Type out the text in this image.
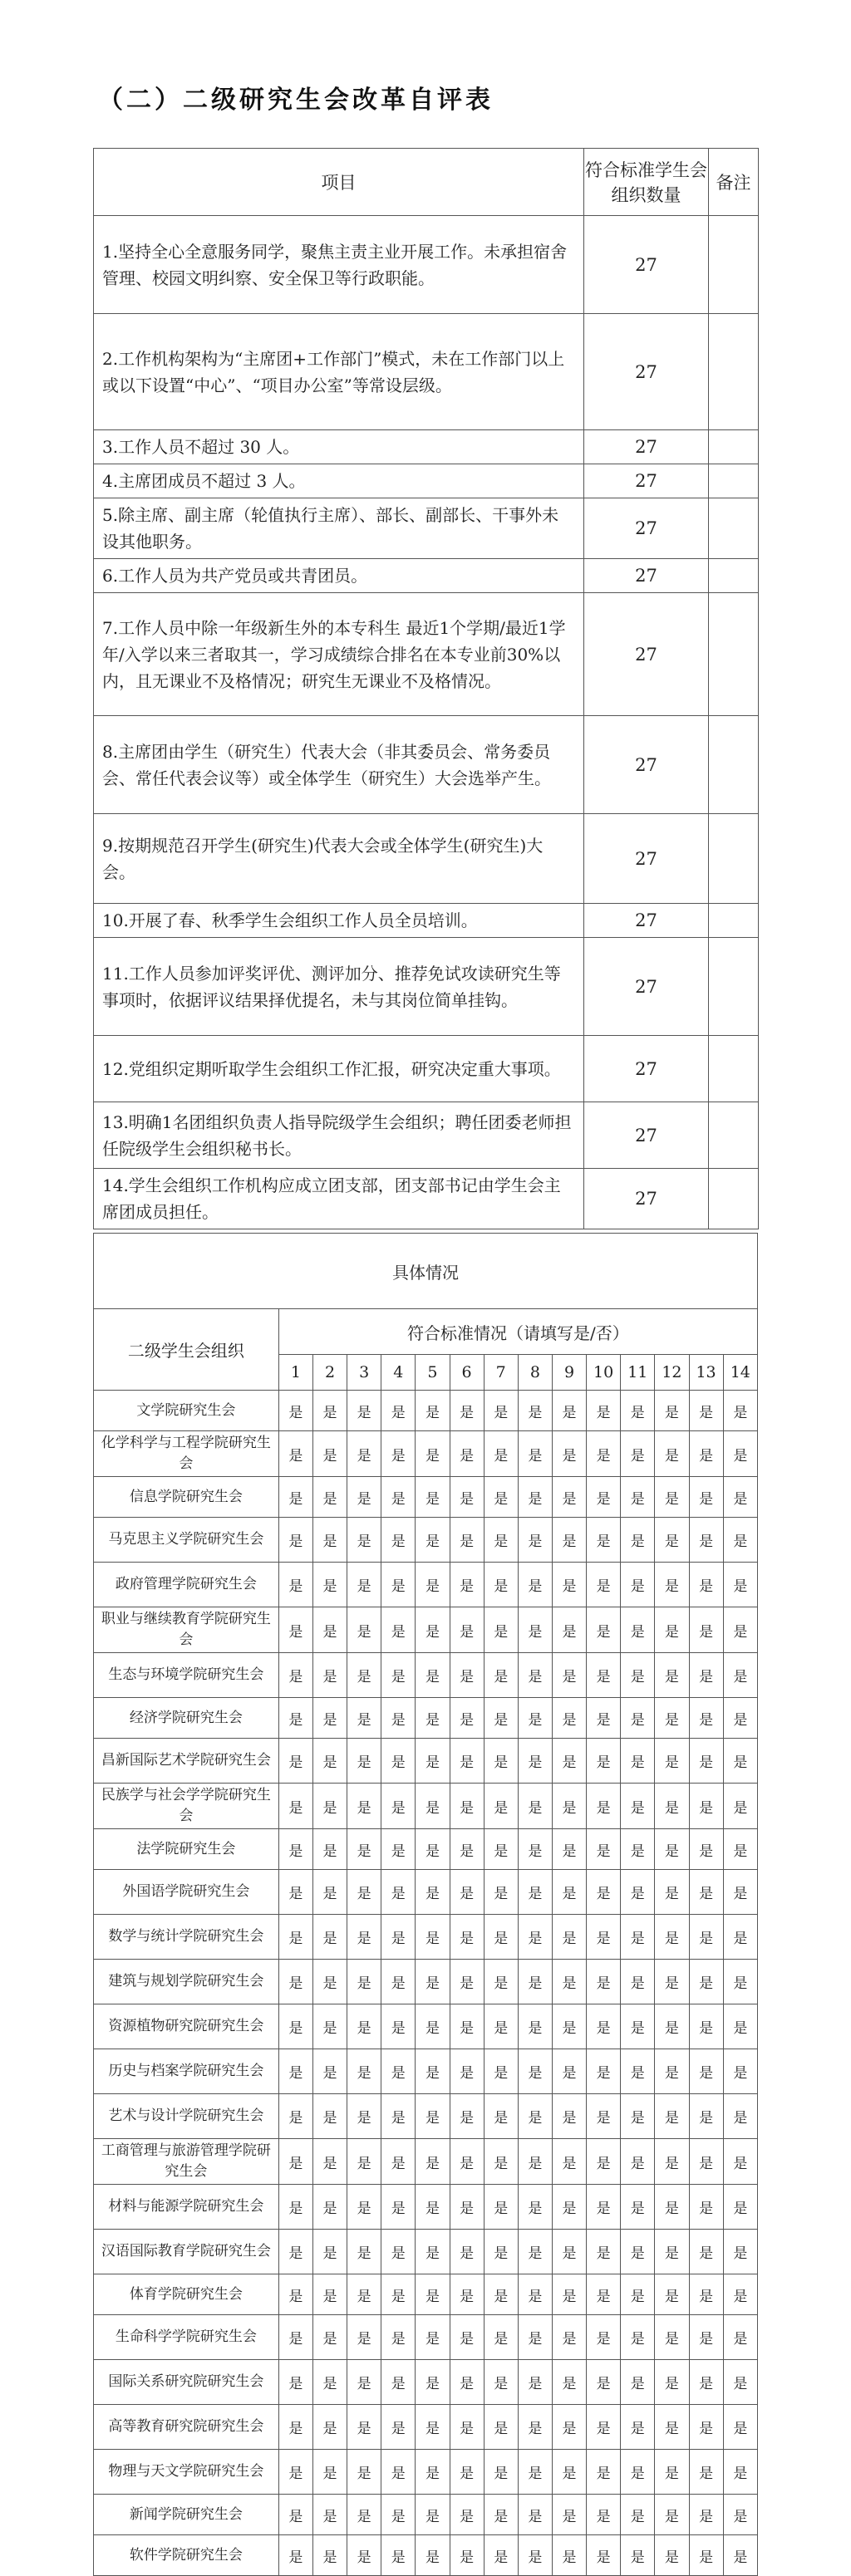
（二）二级研究生会改革自评表
项目	符合标准学生会组织数量	备注
1.坚持全心全意服务同学，聚焦主责主业开展工作。未承担宿舍管理、校园文明纠察、安全保卫等行政职能。	27	
2.工作机构架构为“主席团+工作部门”模式，未在工作部门以上或以下设置“中心”、“项目办公室”等常设层级。	27	
3.工作人员不超过 30 人。	27	
4.主席团成员不超过 3 人。	27	
5.除主席、副主席（轮值执行主席）、部长、副部长、干事外未设其他职务。	27	
6.工作人员为共产党员或共青团员。	27	
7.工作人员中除一年级新生外的本专科生 最近1个学期/最近1学年/入学以来三者取其一，学习成绩综合排名在本专业前30%以内，且无课业不及格情况；研究生无课业不及格情况。	27	
8.主席团由学生（研究生）代表大会（非其委员会、常务委员会、常任代表会议等）或全体学生（研究生）大会选举产生。	27	
9.按期规范召开学生(研究生)代表大会或全体学生(研究生)大会。	27	
10.开展了春、秋季学生会组织工作人员全员培训。	27	
11.工作人员参加评奖评优、测评加分、推荐免试攻读研究生等事项时，依据评议结果择优提名，未与其岗位简单挂钩。	27	
12.党组织定期听取学生会组织工作汇报，研究决定重大事项。	27	
13.明确1名团组织负责人指导院级学生会组织；聘任团委老师担任院级学生会组织秘书长。	27	
14.学生会组织工作机构应成立团支部，团支部书记由学生会主席团成员担任。	27	
具体情况														
二级学生会组织	符合标准情况（请填写是/否）													
	1	2	3	4	5	6	7	8	9	10	11	12	13	14
文学院研究生会	是	是	是	是	是	是	是	是	是	是	是	是	是	是
化学科学与工程学院研究生会	是	是	是	是	是	是	是	是	是	是	是	是	是	是
信息学院研究生会	是	是	是	是	是	是	是	是	是	是	是	是	是	是
马克思主义学院研究生会	是	是	是	是	是	是	是	是	是	是	是	是	是	是
政府管理学院研究生会	是	是	是	是	是	是	是	是	是	是	是	是	是	是
职业与继续教育学院研究生会	是	是	是	是	是	是	是	是	是	是	是	是	是	是
生态与环境学院研究生会	是	是	是	是	是	是	是	是	是	是	是	是	是	是
经济学院研究生会	是	是	是	是	是	是	是	是	是	是	是	是	是	是
昌新国际艺术学院研究生会	是	是	是	是	是	是	是	是	是	是	是	是	是	是
民族学与社会学学院研究生会	是	是	是	是	是	是	是	是	是	是	是	是	是	是
法学院研究生会	是	是	是	是	是	是	是	是	是	是	是	是	是	是
外国语学院研究生会	是	是	是	是	是	是	是	是	是	是	是	是	是	是
数学与统计学院研究生会	是	是	是	是	是	是	是	是	是	是	是	是	是	是
建筑与规划学院研究生会	是	是	是	是	是	是	是	是	是	是	是	是	是	是
资源植物研究院研究生会	是	是	是	是	是	是	是	是	是	是	是	是	是	是
历史与档案学院研究生会	是	是	是	是	是	是	是	是	是	是	是	是	是	是
艺术与设计学院研究生会	是	是	是	是	是	是	是	是	是	是	是	是	是	是
工商管理与旅游管理学院研究生会	是	是	是	是	是	是	是	是	是	是	是	是	是	是
材料与能源学院研究生会	是	是	是	是	是	是	是	是	是	是	是	是	是	是
汉语国际教育学院研究生会	是	是	是	是	是	是	是	是	是	是	是	是	是	是
体育学院研究生会	是	是	是	是	是	是	是	是	是	是	是	是	是	是
生命科学学院研究生会	是	是	是	是	是	是	是	是	是	是	是	是	是	是
国际关系研究院研究生会	是	是	是	是	是	是	是	是	是	是	是	是	是	是
高等教育研究院研究生会	是	是	是	是	是	是	是	是	是	是	是	是	是	是
物理与天文学院研究生会	是	是	是	是	是	是	是	是	是	是	是	是	是	是
新闻学院研究生会	是	是	是	是	是	是	是	是	是	是	是	是	是	是
软件学院研究生会	是	是	是	是	是	是	是	是	是	是	是	是	是	是
